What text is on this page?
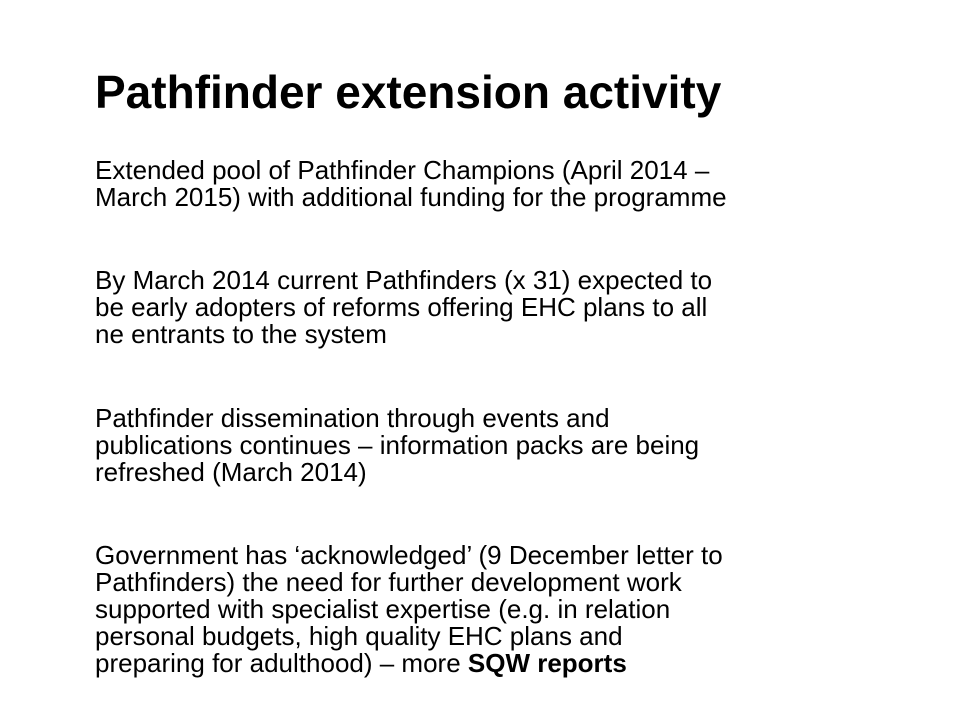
Pathfinder extension activity

Extended pool of Pathfinder Champions (April 2014 –
March 2015) with additional funding for the programme

By March 2014 current Pathfinders (x 31) expected to
be early adopters of reforms offering EHC plans to all
ne entrants to the system

Pathfinder dissemination through events and
publications continues – information packs are being
refreshed (March 2014)

Government has ‘acknowledged’ (9 December letter to
Pathfinders) the need for further development work
supported with specialist expertise (e.g. in relation
personal budgets, high quality EHC plans and
preparing for adulthood) – more SQW reports
